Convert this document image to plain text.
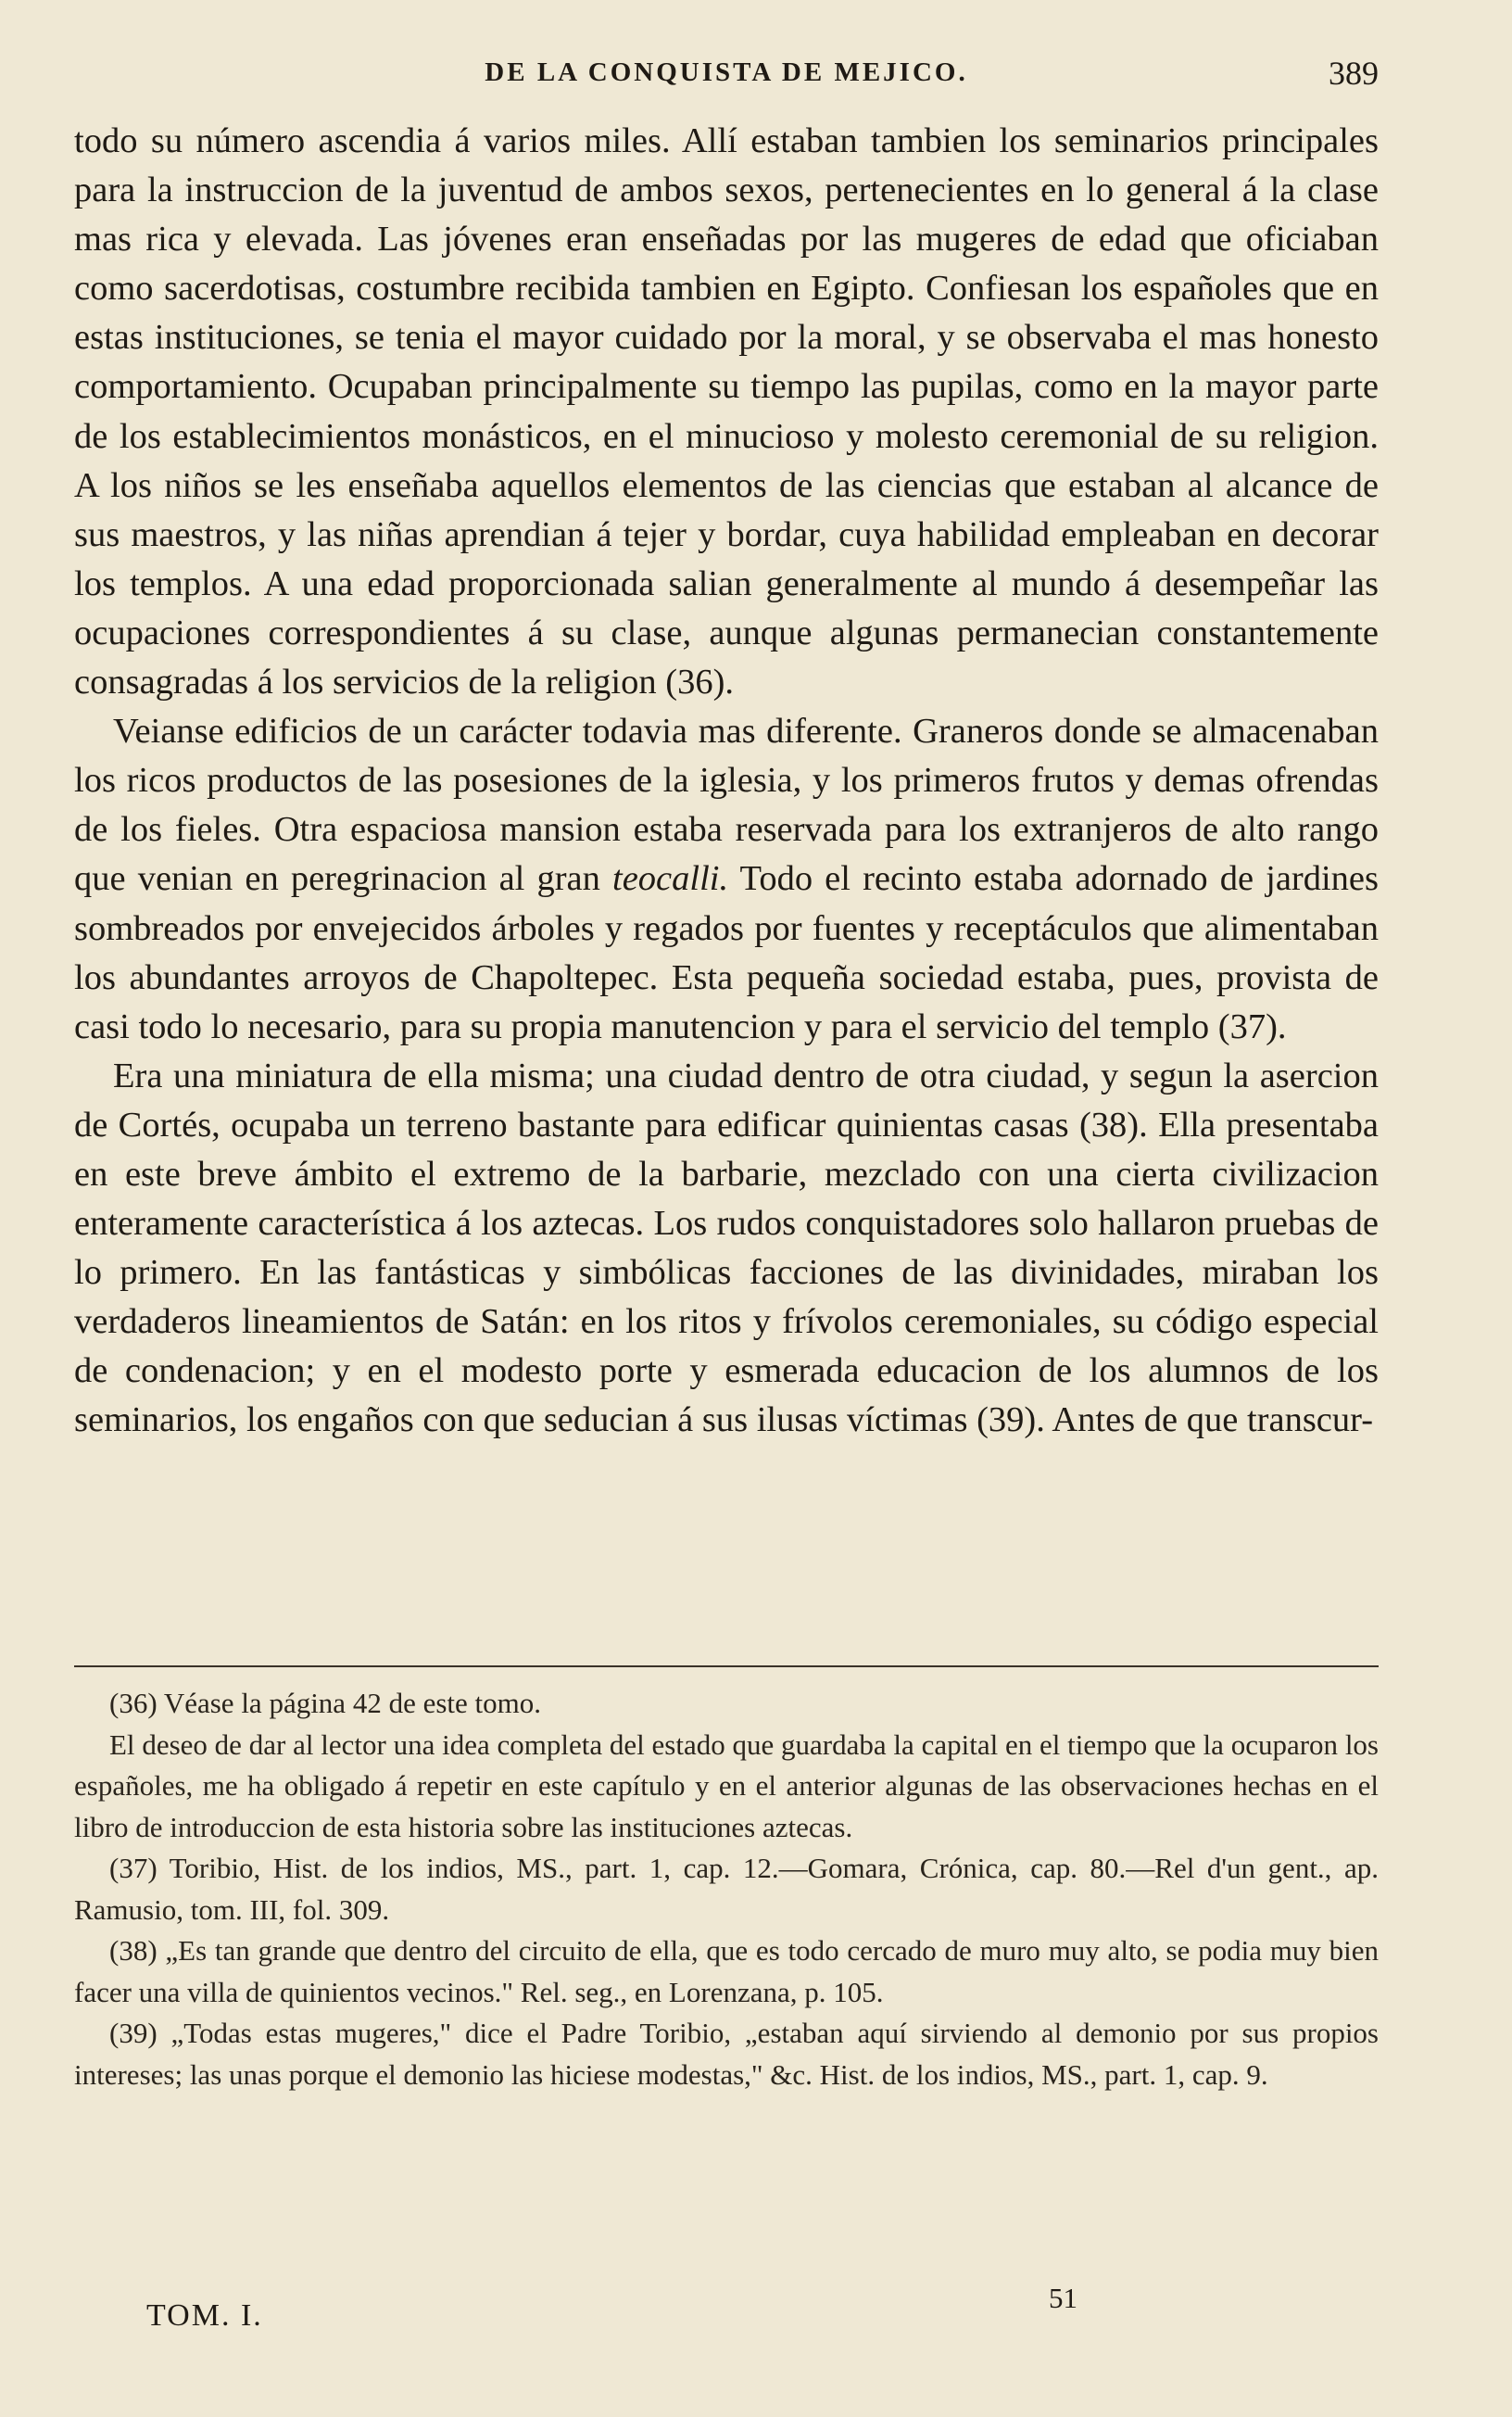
DE LA CONQUISTA DE MEJICO.	389

todo su número ascendia á varios miles. Allí estaban tambien los seminarios principales para la instruccion de la juventud de ambos sexos, pertenecientes en lo general á la clase mas rica y elevada. Las jóvenes eran enseñadas por las mugeres de edad que oficiaban como sacerdotisas, costumbre recibida tambien en Egipto. Confiesan los españoles que en estas instituciones, se tenia el mayor cuidado por la moral, y se observaba el mas honesto comportamiento. Ocupaban principalmente su tiempo las pupilas, como en la mayor parte de los establecimientos monásticos, en el minucioso y molesto ceremonial de su religion. A los niños se les enseñaba aquellos elementos de las ciencias que estaban al alcance de sus maestros, y las niñas aprendian á tejer y bordar, cuya habilidad empleaban en decorar los templos. A una edad proporcionada salian generalmente al mundo á desempeñar las ocupaciones correspondientes á su clase, aunque algunas permanecian constantemente consagradas á los servicios de la religion (36).

Veianse edificios de un carácter todavia mas diferente. Graneros donde se almacenaban los ricos productos de las posesiones de la iglesia, y los primeros frutos y demas ofrendas de los fieles. Otra espaciosa mansion estaba reservada para los extranjeros de alto rango que venian en peregrinacion al gran teocalli. Todo el recinto estaba adornado de jardines sombreados por envejecidos árboles y regados por fuentes y receptáculos que alimentaban los abundantes arroyos de Chapoltepec. Esta pequeña sociedad estaba, pues, provista de casi todo lo necesario, para su propia manutencion y para el servicio del templo (37).

Era una miniatura de ella misma; una ciudad dentro de otra ciudad, y segun la asercion de Cortés, ocupaba un terreno bastante para edificar quinientas casas (38). Ella presentaba en este breve ámbito el extremo de la barbarie, mezclado con una cierta civilizacion enteramente característica á los aztecas. Los rudos conquistadores solo hallaron pruebas de lo primero. En las fantásticas y simbólicas facciones de las divinidades, miraban los verdaderos lineamientos de Satán: en los ritos y frívolos ceremoniales, su código especial de condenacion; y en el modesto porte y esmerada educacion de los alumnos de los seminarios, los engaños con que seducian á sus ilusas víctimas (39). Antes de que transcur-

(36) Véase la página 42 de este tomo.

El deseo de dar al lector una idea completa del estado que guardaba la capital en el tiempo que la ocuparon los españoles, me ha obligado á repetir en este capítulo y en el anterior algunas de las observaciones hechas en el libro de introduccion de esta historia sobre las instituciones aztecas.

(37) Toribio, Hist. de los indios, MS., part. 1, cap. 12.—Gomara, Crónica, cap. 80.—Rel d'un gent., ap. Ramusio, tom. III, fol. 309.

(38) „Es tan grande que dentro del circuito de ella, que es todo cercado de muro muy alto, se podia muy bien facer una villa de quinientos vecinos." Rel. seg., en Lorenzana, p. 105.

(39) „Todas estas mugeres," dice el Padre Toribio, „estaban aquí sirviendo al demonio por sus propios intereses; las unas porque el demonio las hiciese modestas," &c. Hist. de los indios, MS., part. 1, cap. 9.

TOM. I.
51
